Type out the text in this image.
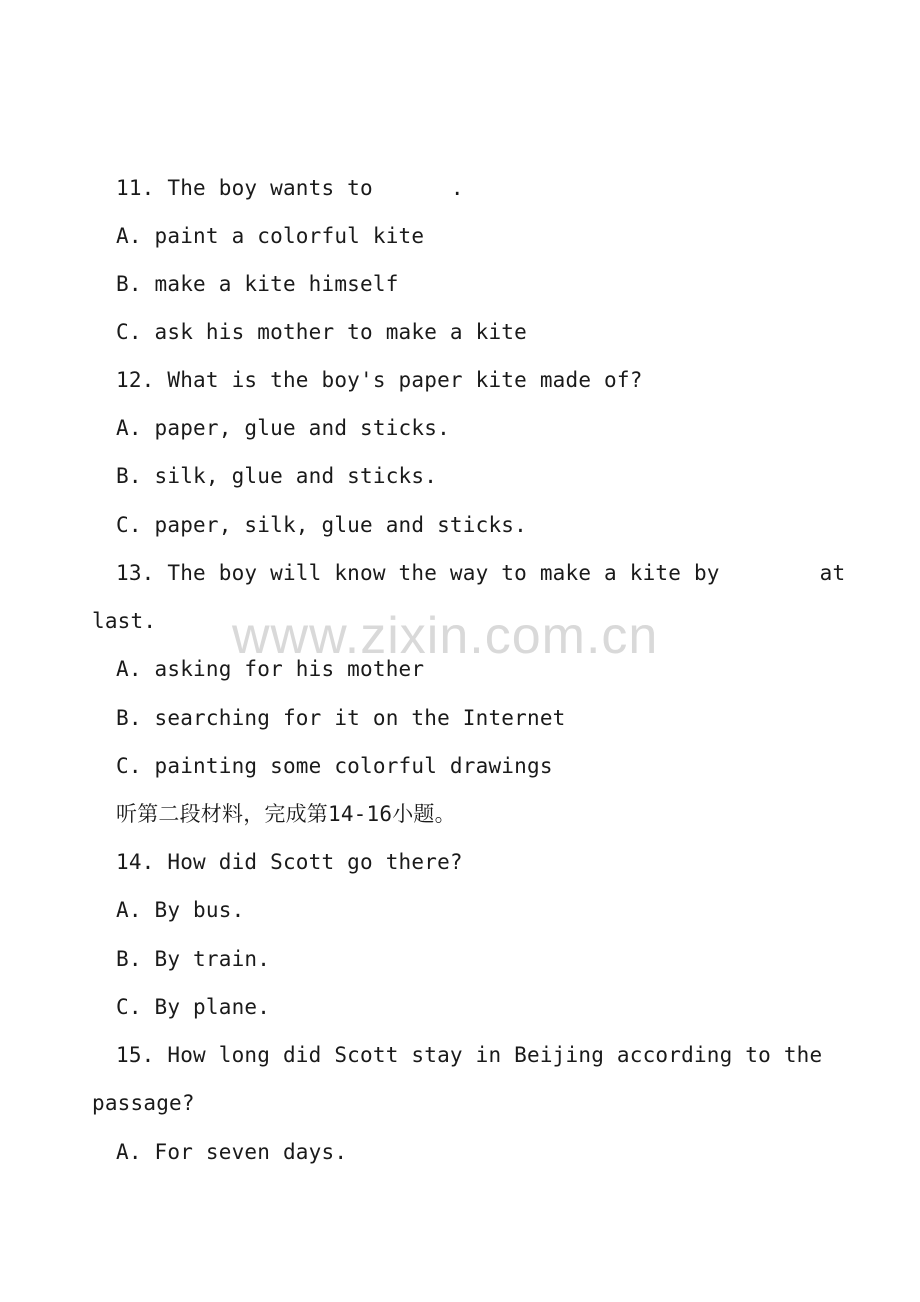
www.zixin.com.cn
11. The boy wants to	.
A. paint a colorful kite
B. make a kite himself
C. ask his mother to make a kite
12. What is the boy's paper kite made of?
A. paper, glue and sticks.
B. silk, glue and sticks.
C. paper, silk, glue and sticks.
13. The boy will know the way to make a kite by	at
last.
A. asking for his mother
B. searching for it on the Internet
C. painting some colorful drawings
听第二段材料，完成第14-16小题。
14. How did Scott go there?
A. By bus.
B. By train.
C. By plane.
15. How long did Scott stay in Beijing according to the
passage?
A. For seven days.
